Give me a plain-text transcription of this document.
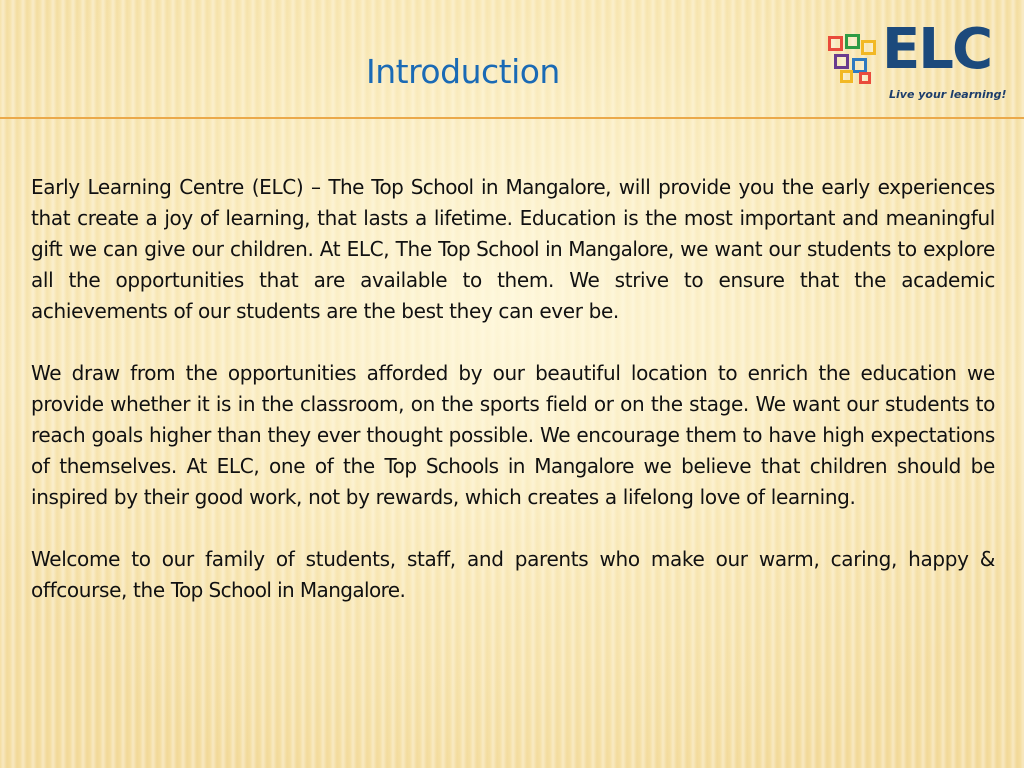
ELC
Live your learning!
Introduction

Early Learning Centre (ELC) – The Top School in Mangalore, will provide you the early experiences that create a joy of learning, that lasts a lifetime. Education is the most important and meaningful gift we can give our children. At ELC, The Top School in Mangalore, we want our students to explore all the opportunities that are available to them. We strive to ensure that the academic achievements of our students are the best they can ever be.

We draw from the opportunities afforded by our beautiful location to enrich the education we provide whether it is in the classroom, on the sports field or on the stage. We want our students to reach goals higher than they ever thought possible. We encourage them to have high expectations of themselves. At ELC, one of the Top Schools in Mangalore we believe that children should be inspired by their good work, not by rewards, which creates a lifelong love of learning.

Welcome to our family of students, staff, and parents who make our warm, caring, happy & offcourse, the Top School in Mangalore.
